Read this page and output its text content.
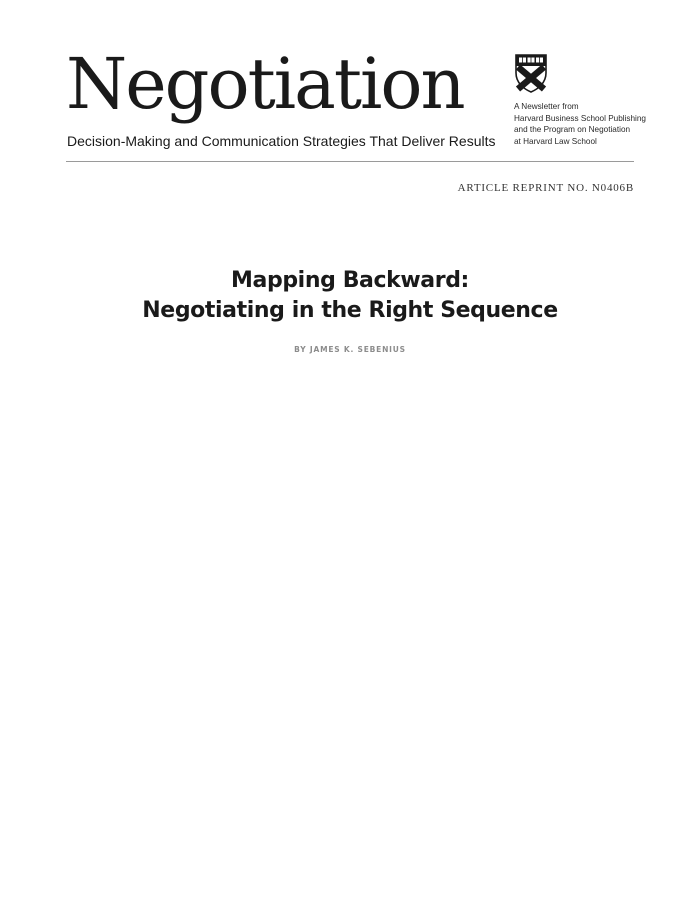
Negotiation
Decision-Making and Communication Strategies That Deliver Results
A Newsletter from
Harvard Business School Publishing
and the Program on Negotiation
at Harvard Law School
ARTICLE REPRINT NO. N0406B
Mapping Backward:
Negotiating in the Right Sequence
BY JAMES K. SEBENIUS
